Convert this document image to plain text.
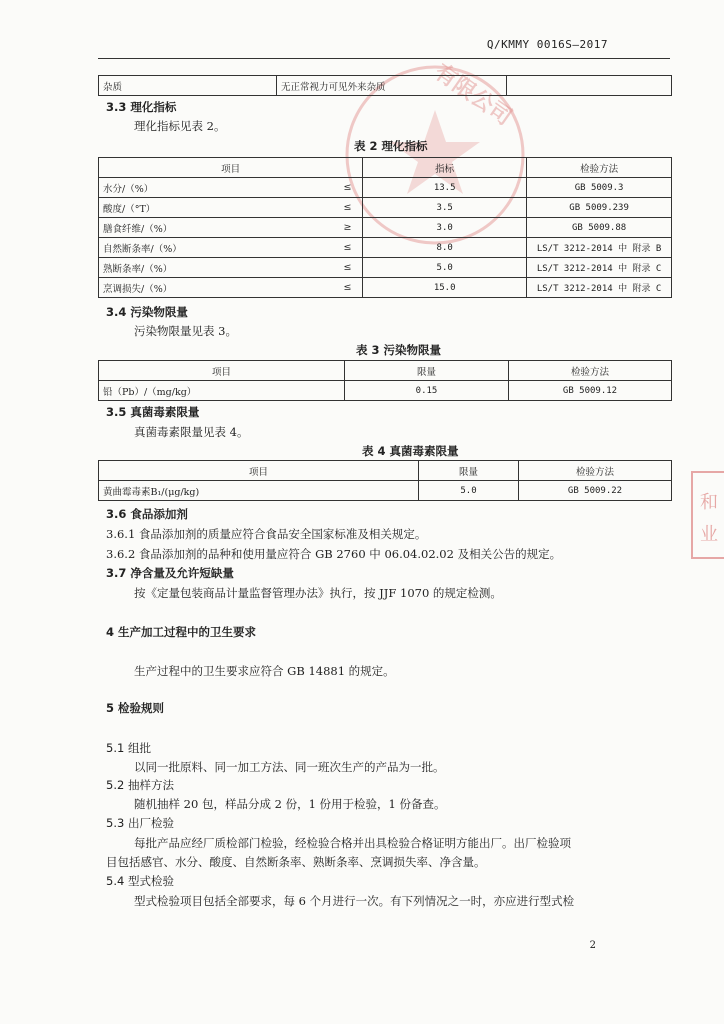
Q/KMMY 0016S—2017
有限公司
和
业
杂质	无正常视力可见外来杂质	
3.3 理化指标
理化指标见表 2。
表 2 理化指标
项目		指标	检验方法
水分/（%）	≤	13.5	GB 5009.3
酸度/（°T）	≤	3.5	GB 5009.239
膳食纤维/（%）	≥	3.0	GB 5009.88
自然断条率/（%）	≤	8.0	LS/T 3212-2014 中 附录 B
熟断条率/（%）	≤	5.0	LS/T 3212-2014 中 附录 C
烹调损失/（%）	≤	15.0	LS/T 3212-2014 中 附录 C
3.4 污染物限量
污染物限量见表 3。
表 3 污染物限量
项目	限量	检验方法
铅（Pb）/（mg/kg）	0.15	GB 5009.12
3.5 真菌毒素限量
真菌毒素限量见表 4。
表 4 真菌毒素限量
项目	限量	检验方法
黄曲霉毒素B₁/(μg/kg)	5.0	GB 5009.22
3.6 食品添加剂
3.6.1 食品添加剂的质量应符合食品安全国家标准及相关规定。
3.6.2 食品添加剂的品种和使用量应符合 GB 2760 中 06.04.02.02 及相关公告的规定。
3.7 净含量及允许短缺量
按《定量包装商品计量监督管理办法》执行，按 JJF 1070 的规定检测。
4 生产加工过程中的卫生要求
生产过程中的卫生要求应符合 GB 14881 的规定。
5 检验规则
5.1 组批
以同一批原料、同一加工方法、同一班次生产的产品为一批。
5.2 抽样方法
随机抽样 20 包，样品分成 2 份，1 份用于检验，1 份备查。
5.3 出厂检验
每批产品应经厂质检部门检验，经检验合格并出具检验合格证明方能出厂。出厂检验项
目包括感官、水分、酸度、自然断条率、熟断条率、烹调损失率、净含量。
5.4 型式检验
型式检验项目包括全部要求，每 6 个月进行一次。有下列情况之一时，亦应进行型式检
2
